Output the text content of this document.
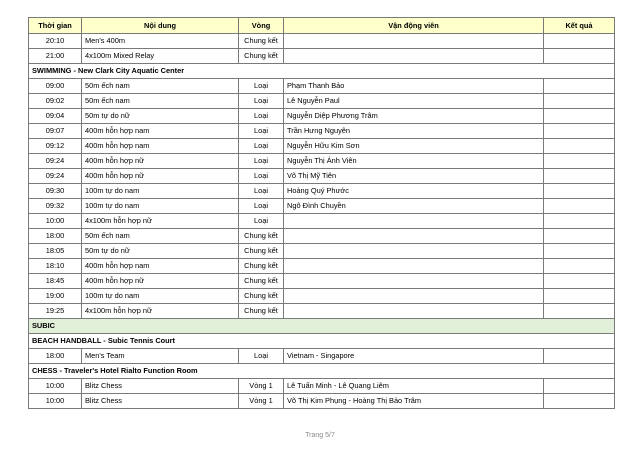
Thời gian	Nội dung	Vòng	Vận động viên	Kết quả
20:10	Men's 400m	Chung kết		
21:00	4x100m Mixed Relay	Chung kết		
SWIMMING - New Clark City Aquatic Center				
09:00	50m ếch nam	Loại	Phạm Thanh Bảo	
09:02	50m ếch nam	Loại	Lê Nguyễn Paul	
09:04	50m tự do nữ	Loại	Nguyễn Diệp Phương Trâm	
09:07	400m hỗn hợp nam	Loại	Trần Hưng Nguyên	
09:12	400m hỗn hợp nam	Loại	Nguyễn Hữu Kim Sơn	
09:24	400m hỗn hợp nữ	Loại	Nguyễn Thị Ánh Viên	
09:24	400m hỗn hợp nữ	Loại	Võ Thị Mỹ Tiên	
09:30	100m tự do nam	Loại	Hoàng Quý Phước	
09:32	100m tự do nam	Loại	Ngô Đình Chuyền	
10:00	4x100m hỗn hợp nữ	Loại		
18:00	50m ếch nam	Chung kết		
18:05	50m tự do nữ	Chung kết		
18:10	400m hỗn hợp nam	Chung kết		
18:45	400m hỗn hợp nữ	Chung kết		
19:00	100m tự do nam	Chung kết		
19:25	4x100m hỗn hợp nữ	Chung kết		
SUBIC				
BEACH HANDBALL - Subic Tennis Court				
18:00	Men's Team	Loại	Vietnam - Singapore	
CHESS - Traveler's Hotel Rialto Function Room				
10:00	Blitz Chess	Vòng 1	Lê Tuấn Minh - Lê Quang Liêm	
10:00	Blitz Chess	Vòng 1	Võ Thị Kim Phụng - Hoàng Thị Bảo Trâm	
Trang 5/7
